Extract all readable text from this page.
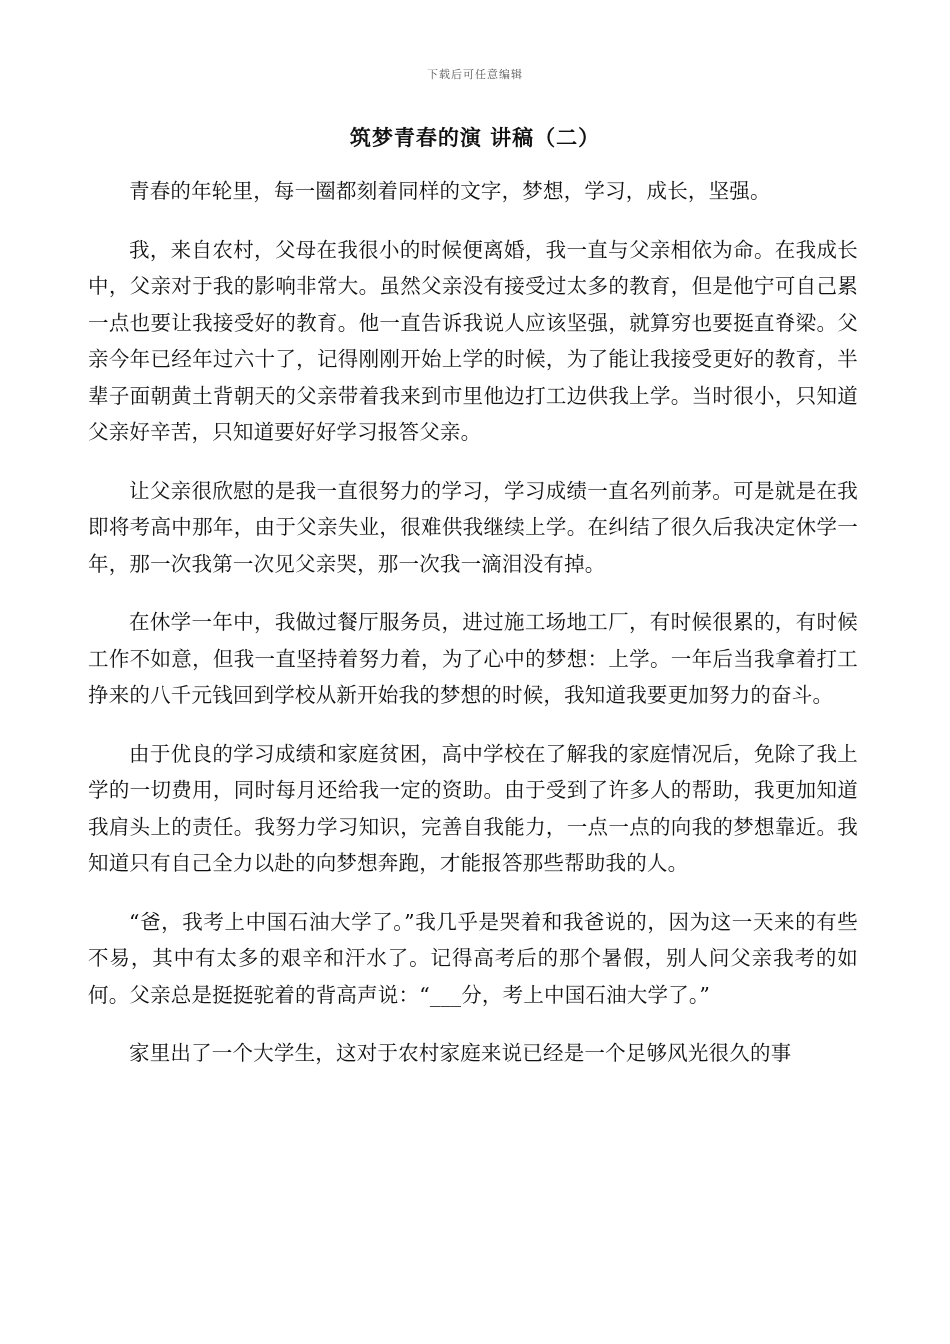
下载后可任意编辑
筑梦青春的演 讲稿（二）

青春的年轮里，每一圈都刻着同样的文字，梦想，学习，成长，坚强。

我，来自农村，父母在我很小的时候便离婚，我一直与父亲相依为命。在我成长中，父亲对于我的影响非常大。虽然父亲没有接受过太多的教育，但是他宁可自己累一点也要让我接受好的教育。他一直告诉我说人应该坚强，就算穷也要挺直脊梁。父亲今年已经年过六十了，记得刚刚开始上学的时候，为了能让我接受更好的教育，半辈子面朝黄土背朝天的父亲带着我来到市里他边打工边供我上学。当时很小，只知道父亲好辛苦，只知道要好好学习报答父亲。

让父亲很欣慰的是我一直很努力的学习，学习成绩一直名列前茅。可是就是在我即将考高中那年，由于父亲失业，很难供我继续上学。在纠结了很久后我决定休学一年，那一次我第一次见父亲哭，那一次我一滴泪没有掉。

在休学一年中，我做过餐厅服务员，进过施工场地工厂，有时候很累的，有时候工作不如意，但我一直坚持着努力着，为了心中的梦想：上学。一年后当我拿着打工挣来的八千元钱回到学校从新开始我的梦想的时候，我知道我要更加努力的奋斗。

由于优良的学习成绩和家庭贫困，高中学校在了解我的家庭情况后，免除了我上学的一切费用，同时每月还给我一定的资助。由于受到了许多人的帮助，我更加知道我肩头上的责任。我努力学习知识，完善自我能力，一点一点的向我的梦想靠近。我知道只有自己全力以赴的向梦想奔跑，才能报答那些帮助我的人。

“爸，我考上中国石油大学了。”我几乎是哭着和我爸说的，因为这一天来的有些不易，其中有太多的艰辛和汗水了。记得高考后的那个暑假，别人问父亲我考的如何。父亲总是挺挺驼着的背高声说：“___分，考上中国石油大学了。”

家里出了一个大学生，这对于农村家庭来说已经是一个足够风光很久的事
